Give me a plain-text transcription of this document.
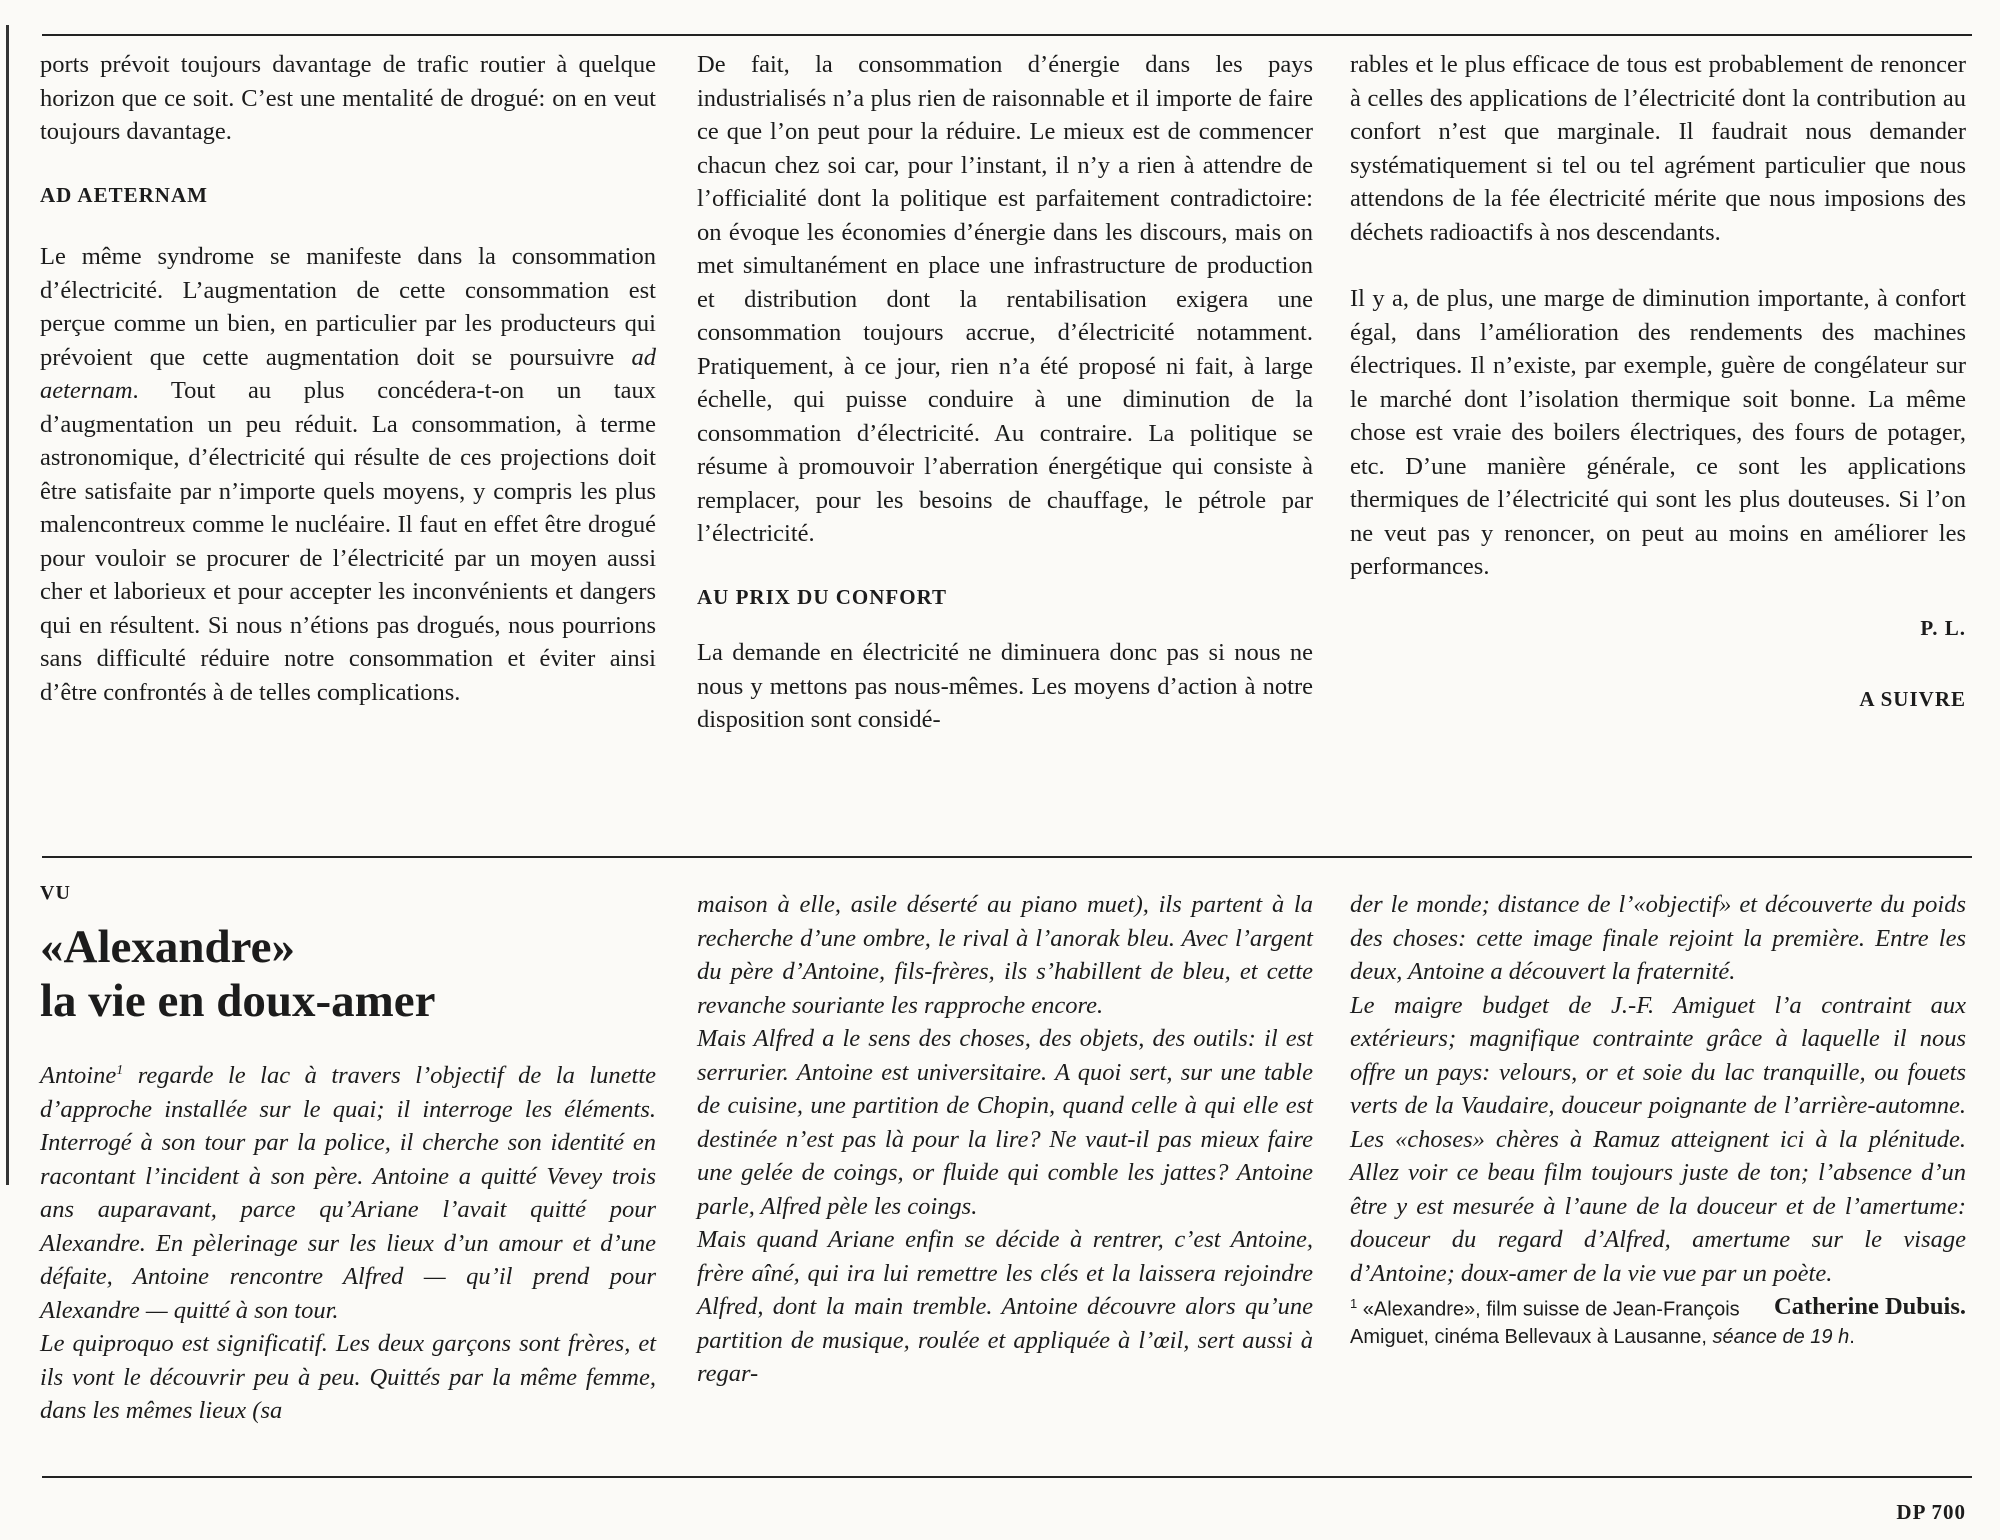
ports prévoit toujours davantage de trafic routier à quelque horizon que ce soit. C’est une mentalité de drogué: on en veut toujours davantage.

AD AETERNAM

Le même syndrome se manifeste dans la consommation d’électricité. L’augmentation de cette consommation est perçue comme un bien, en particulier par les producteurs qui prévoient que cette augmentation doit se poursuivre ad aeternam. Tout au plus concédera-t-on un taux d’augmentation un peu réduit. La consommation, à terme astronomique, d’électricité qui résulte de ces projections doit être satisfaite par n’importe quels moyens, y compris les plus malencontreux comme le nucléaire. Il faut en effet être drogué pour vouloir se procurer de l’électricité par un moyen aussi cher et laborieux et pour accepter les inconvénients et dangers qui en résultent. Si nous n’étions pas drogués, nous pourrions sans difficulté réduire notre consommation et éviter ainsi d’être confrontés à de telles complications.

De fait, la consommation d’énergie dans les pays industrialisés n’a plus rien de raisonnable et il importe de faire ce que l’on peut pour la réduire. Le mieux est de commencer chacun chez soi car, pour l’instant, il n’y a rien à attendre de l’officialité dont la politique est parfaitement contradictoire: on évoque les économies d’énergie dans les discours, mais on met simultanément en place une infrastructure de production et distribution dont la rentabilisation exigera une consommation toujours accrue, d’électricité notamment. Pratiquement, à ce jour, rien n’a été proposé ni fait, à large échelle, qui puisse conduire à une diminution de la consommation d’électricité. Au contraire. La politique se résume à promouvoir l’aberration énergétique qui consiste à remplacer, pour les besoins de chauffage, le pétrole par l’électricité.

AU PRIX DU CONFORT

La demande en électricité ne diminuera donc pas si nous ne nous y mettons pas nous-mêmes. Les moyens d’action à notre disposition sont considé-

rables et le plus efficace de tous est probablement de renoncer à celles des applications de l’électricité dont la contribution au confort n’est que marginale. Il faudrait nous demander systématiquement si tel ou tel agrément particulier que nous attendons de la fée électricité mérite que nous imposions des déchets radioactifs à nos descendants.

Il y a, de plus, une marge de diminution importante, à confort égal, dans l’amélioration des rendements des machines électriques. Il n’existe, par exemple, guère de congélateur sur le marché dont l’isolation thermique soit bonne. La même chose est vraie des boilers électriques, des fours de potager, etc. D’une manière générale, ce sont les applications thermiques de l’électricité qui sont les plus douteuses. Si l’on ne veut pas y renoncer, on peut au moins en améliorer les performances.

P. L.

A SUIVRE

VU
«Alexandre»
la vie en doux-amer

Antoine$^1$ regarde le lac à travers l’objectif de la lunette d’approche installée sur le quai; il interroge les éléments. Interrogé à son tour par la police, il cherche son identité en racontant l’incident à son père. Antoine a quitté Vevey trois ans auparavant, parce qu’Ariane l’avait quitté pour Alexandre. En pèlerinage sur les lieux d’un amour et d’une défaite, Antoine rencontre Alfred — qu’il prend pour Alexandre — quitté à son tour.

Le quiproquo est significatif. Les deux garçons sont frères, et ils vont le découvrir peu à peu. Quittés par la même femme, dans les mêmes lieux (sa

maison à elle, asile déserté au piano muet), ils partent à la recherche d’une ombre, le rival à l’anorak bleu. Avec l’argent du père d’Antoine, fils-frères, ils s’habillent de bleu, et cette revanche souriante les rapproche encore.

Mais Alfred a le sens des choses, des objets, des outils: il est serrurier. Antoine est universitaire. A quoi sert, sur une table de cuisine, une partition de Chopin, quand celle à qui elle est destinée n’est pas là pour la lire? Ne vaut-il pas mieux faire une gelée de coings, or fluide qui comble les jattes? Antoine parle, Alfred pèle les coings.

Mais quand Ariane enfin se décide à rentrer, c’est Antoine, frère aîné, qui ira lui remettre les clés et la laissera rejoindre Alfred, dont la main tremble. Antoine découvre alors qu’une partition de musique, roulée et appliquée à l’œil, sert aussi à regar-

der le monde; distance de l’«objectif» et découverte du poids des choses: cette image finale rejoint la première. Entre les deux, Antoine a découvert la fraternité.

Le maigre budget de J.-F. Amiguet l’a contraint aux extérieurs; magnifique contrainte grâce à laquelle il nous offre un pays: velours, or et soie du lac tranquille, ou fouets verts de la Vaudaire, douceur poignante de l’arrière-automne. Les «choses» chères à Ramuz atteignent ici à la plénitude. Allez voir ce beau film toujours juste de ton; l’absence d’un être y est mesurée à l’aune de la douceur et de l’amertume: douceur du regard d’Alfred, amertume sur le visage d’Antoine; doux-amer de la vie vue par un poète.
Catherine Dubuis.

$^1$ «Alexandre», film suisse de Jean-François Amiguet, cinéma Bellevaux à Lausanne, séance de 19 h.

DP 700
